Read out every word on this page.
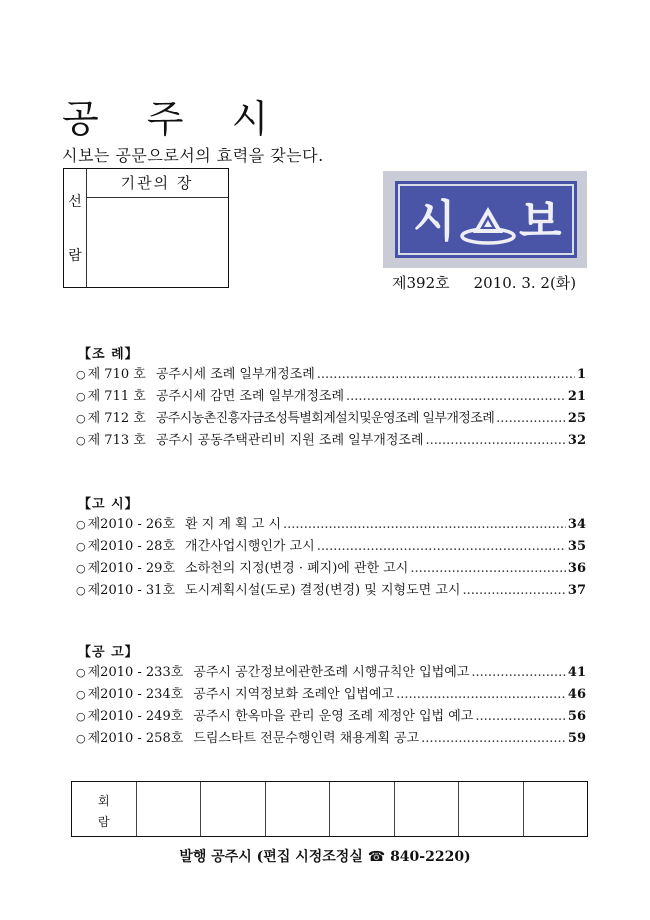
공 주 시
시보는 공문으로서의 효력을 갖는다.
선
람
기관의 장
시 보
제392호 2010. 3. 2(화)
【조 례】
○ 제 710 호 공주시세 조례 일부개정조례 .....	1
○ 제 711 호 공주시세 감면 조례 일부개정조례 .....	21
○ 제 712 호 공주시농촌진흥자금조성특별회계설치및운영조례 일부개정조례 .....	25
○ 제 713 호 공주시 공동주택관리비 지원 조례 일부개정조례 .....	32
【고 시】
○ 제2010 - 26호 환 지 계 획 고 시 .....	34
○ 제2010 - 28호 개간사업시행인가 고시 .....	35
○ 제2010 - 29호 소하천의 지정(변경 · 폐지)에 관한 고시 .....	36
○ 제2010 - 31호 도시계획시설(도로) 결정(변경) 및 지형도면 고시 .....	37
【공 고】
○ 제2010 - 233호 공주시 공간정보에관한조례 시행규칙안 입법예고 .....	41
○ 제2010 - 234호 공주시 지역정보화 조례안 입법예고 .....	46
○ 제2010 - 249호 공주시 한옥마을 관리 운영 조례 제정안 입법 예고 .....	56
○ 제2010 - 258호 드림스타트 전문수행인력 채용계획 공고 .....	59
회
람
발행 공주시 (편집 시정조정실 ☎ 840-2220)
